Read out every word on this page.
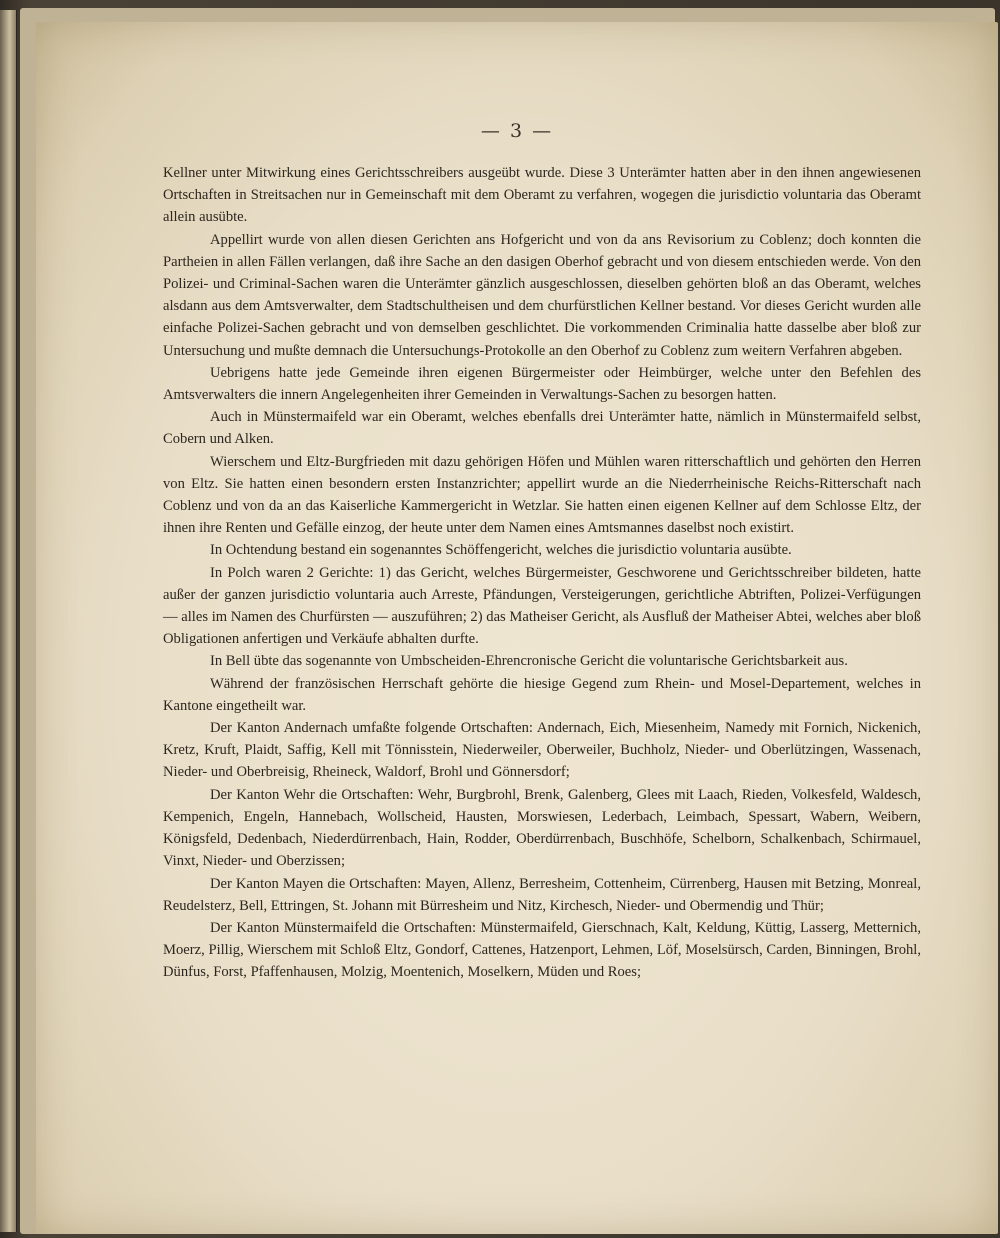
— 3 —

Kellner unter Mitwirkung eines Gerichtsschreibers ausgeübt wurde. Diese 3 Unterämter hatten aber in den ihnen angewiesenen Ortschaften in Streitsachen nur in Gemeinschaft mit dem Oberamt zu verfahren, wogegen die jurisdictio voluntaria das Oberamt allein ausübte.

Appellirt wurde von allen diesen Gerichten ans Hofgericht und von da ans Revisorium zu Coblenz; doch konnten die Partheien in allen Fällen verlangen, daß ihre Sache an den dasigen Oberhof gebracht und von diesem entschieden werde. Von den Polizei- und Criminal-Sachen waren die Unterämter gänzlich ausgeschlossen, dieselben gehörten bloß an das Oberamt, welches alsdann aus dem Amtsverwalter, dem Stadtschultheisen und dem churfürstlichen Kellner bestand. Vor dieses Gericht wurden alle einfache Polizei-Sachen gebracht und von demselben geschlichtet. Die vorkommenden Criminalia hatte dasselbe aber bloß zur Untersuchung und mußte demnach die Untersuchungs-Protokolle an den Oberhof zu Coblenz zum weitern Verfahren abgeben.

Uebrigens hatte jede Gemeinde ihren eigenen Bürgermeister oder Heimbürger, welche unter den Befehlen des Amtsverwalters die innern Angelegenheiten ihrer Gemeinden in Verwaltungs-Sachen zu besorgen hatten.

Auch in Münstermaifeld war ein Oberamt, welches ebenfalls drei Unterämter hatte, nämlich in Münstermaifeld selbst, Cobern und Alken.

Wierschem und Eltz-Burgfrieden mit dazu gehörigen Höfen und Mühlen waren ritterschaftlich und gehörten den Herren von Eltz. Sie hatten einen besondern ersten Instanzrichter; appellirt wurde an die Niederrheinische Reichs-Ritterschaft nach Coblenz und von da an das Kaiserliche Kammergericht in Wetzlar. Sie hatten einen eigenen Kellner auf dem Schlosse Eltz, der ihnen ihre Renten und Gefälle einzog, der heute unter dem Namen eines Amtsmannes daselbst noch existirt.

In Ochtendung bestand ein sogenanntes Schöffengericht, welches die jurisdictio voluntaria ausübte.

In Polch waren 2 Gerichte: 1) das Gericht, welches Bürgermeister, Geschworene und Gerichtsschreiber bildeten, hatte außer der ganzen jurisdictio voluntaria auch Arreste, Pfändungen, Versteigerungen, gerichtliche Abtriften, Polizei-Verfügungen — alles im Namen des Churfürsten — auszuführen; 2) das Matheiser Gericht, als Ausfluß der Matheiser Abtei, welches aber bloß Obligationen anfertigen und Verkäufe abhalten durfte.

In Bell übte das sogenannte von Umbscheiden-Ehrencronische Gericht die voluntarische Gerichtsbarkeit aus.

Während der französischen Herrschaft gehörte die hiesige Gegend zum Rhein- und Mosel-Departement, welches in Kantone eingetheilt war.

Der Kanton Andernach umfaßte folgende Ortschaften: Andernach, Eich, Miesenheim, Namedy mit Fornich, Nickenich, Kretz, Kruft, Plaidt, Saffig, Kell mit Tönnisstein, Niederweiler, Oberweiler, Buchholz, Nieder- und Oberlützingen, Wassenach, Nieder- und Oberbreisig, Rheineck, Waldorf, Brohl und Gönnersdorf;

Der Kanton Wehr die Ortschaften: Wehr, Burgbrohl, Brenk, Galenberg, Glees mit Laach, Rieden, Volkesfeld, Waldesch, Kempenich, Engeln, Hannebach, Wollscheid, Hausten, Morswiesen, Lederbach, Leimbach, Spessart, Wabern, Weibern, Königsfeld, Dedenbach, Niederdürrenbach, Hain, Rodder, Oberdürrenbach, Buschhöfe, Schelborn, Schalkenbach, Schirmauel, Vinxt, Nieder- und Oberzissen;

Der Kanton Mayen die Ortschaften: Mayen, Allenz, Berresheim, Cottenheim, Cürrenberg, Hausen mit Betzing, Monreal, Reudelsterz, Bell, Ettringen, St. Johann mit Bürresheim und Nitz, Kirchesch, Nieder- und Obermendig und Thür;

Der Kanton Münstermaifeld die Ortschaften: Münstermaifeld, Gierschnach, Kalt, Keldung, Küttig, Lasserg, Metternich, Moerz, Pillig, Wierschem mit Schloß Eltz, Gondorf, Cattenes, Hatzenport, Lehmen, Löf, Moselsürsch, Carden, Binningen, Brohl, Dünfus, Forst, Pfaffenhausen, Molzig, Moentenich, Moselkern, Müden und Roes;
